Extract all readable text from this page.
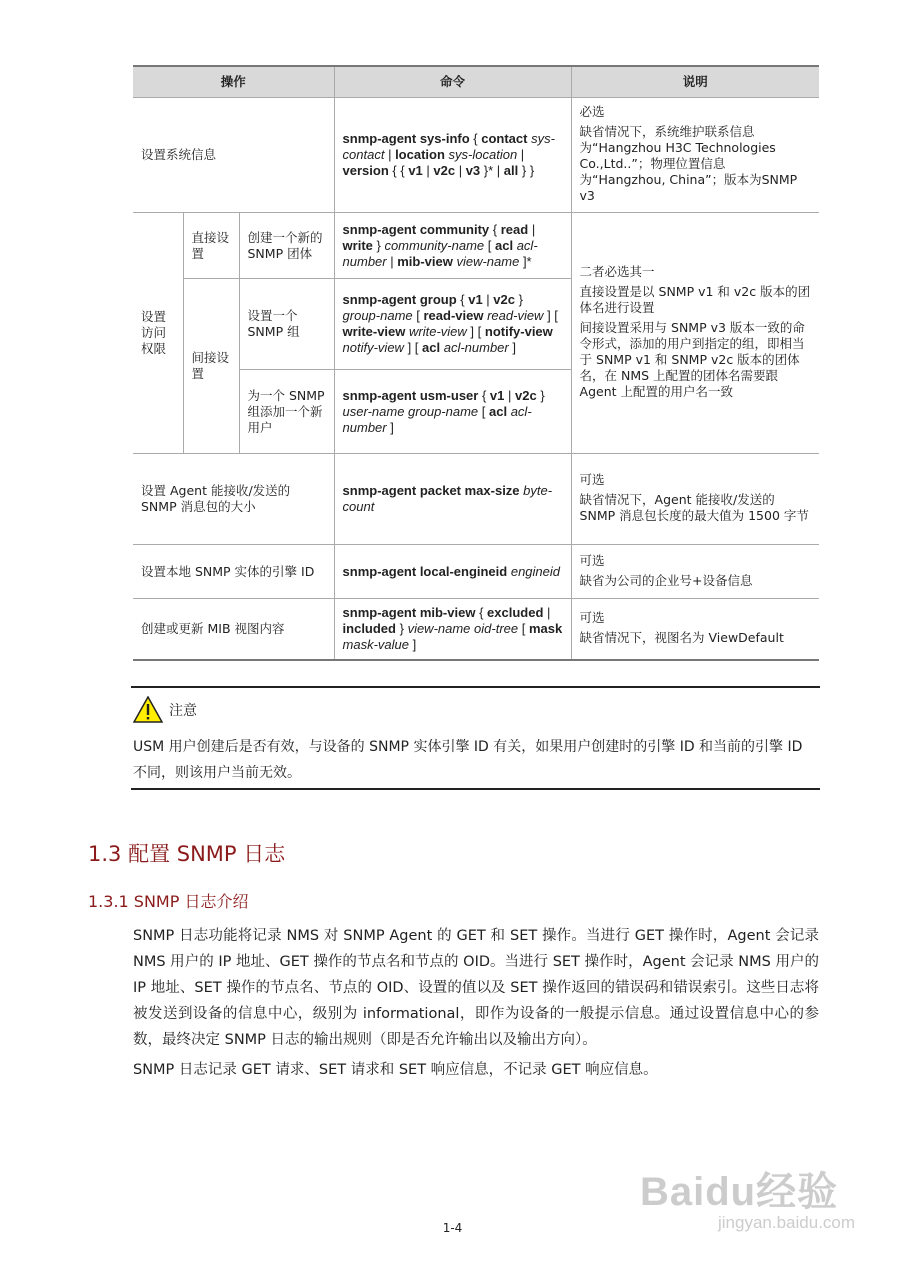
操作			命令	说明
设置系统信息			snmp-agent sys-info { contact sys-contact | location sys-location | version { { v1 | v2c | v3 }* | all } }	必选

缺省情况下，系统维护联系信息为“Hangzhou H3C Technologies Co.,Ltd..”；物理位置信息为“Hangzhou, China”；版本为SNMP v3

设置访问权限	直接设置	创建一个新的 SNMP 团体	snmp-agent community { read | write } community-name [ acl acl-number | mib-view view-name ]*	二者必选其一

直接设置是以 SNMP v1 和 v2c 版本的团体名进行设置

间接设置采用与 SNMP v3 版本一致的命令形式，添加的用户到指定的组，即相当于 SNMP v1 和 SNMP v2c 版本的团体名，在 NMS 上配置的团体名需要跟 Agent 上配置的用户名一致

	间接设置	设置一个 SNMP 组	snmp-agent group { v1 | v2c } group-name [ read-view read-view ] [ write-view write-view ] [ notify-view notify-view ] [ acl acl-number ]	
		为一个 SNMP 组添加一个新用户	snmp-agent usm-user { v1 | v2c } user-name group-name [ acl acl-number ]	
设置 Agent 能接收/发送的 SNMP 消息包的大小			snmp-agent packet max-size byte-count	可选

缺省情况下，Agent 能接收/发送的 SNMP 消息包长度的最大值为 1500 字节

设置本地 SNMP 实体的引擎 ID			snmp-agent local-engineid engineid	可选

缺省为公司的企业号+设备信息

创建或更新 MIB 视图内容			snmp-agent mib-view { excluded | included } view-name oid-tree [ mask mask-value ]	可选

缺省情况下，视图名为 ViewDefault

注意
USM 用户创建后是否有效，与设备的 SNMP 实体引擎 ID 有关，如果用户创建时的引擎 ID 和当前的引擎 ID 不同，则该用户当前无效。
1.3 配置 SNMP 日志
1.3.1 SNMP 日志介绍

SNMP 日志功能将记录 NMS 对 SNMP Agent 的 GET 和 SET 操作。当进行 GET 操作时，Agent 会记录 NMS 用户的 IP 地址、GET 操作的节点名和节点的 OID。当进行 SET 操作时，Agent 会记录 NMS 用户的 IP 地址、SET 操作的节点名、节点的 OID、设置的值以及 SET 操作返回的错误码和错误索引。这些日志将被发送到设备的信息中心，级别为 informational，即作为设备的一般提示信息。通过设置信息中心的参数，最终决定 SNMP 日志的输出规则（即是否允许输出以及输出方向）。

SNMP 日志记录 GET 请求、SET 请求和 SET 响应信息，不记录 GET 响应信息。

1-4
Baidu经验
jingyan.baidu.com
